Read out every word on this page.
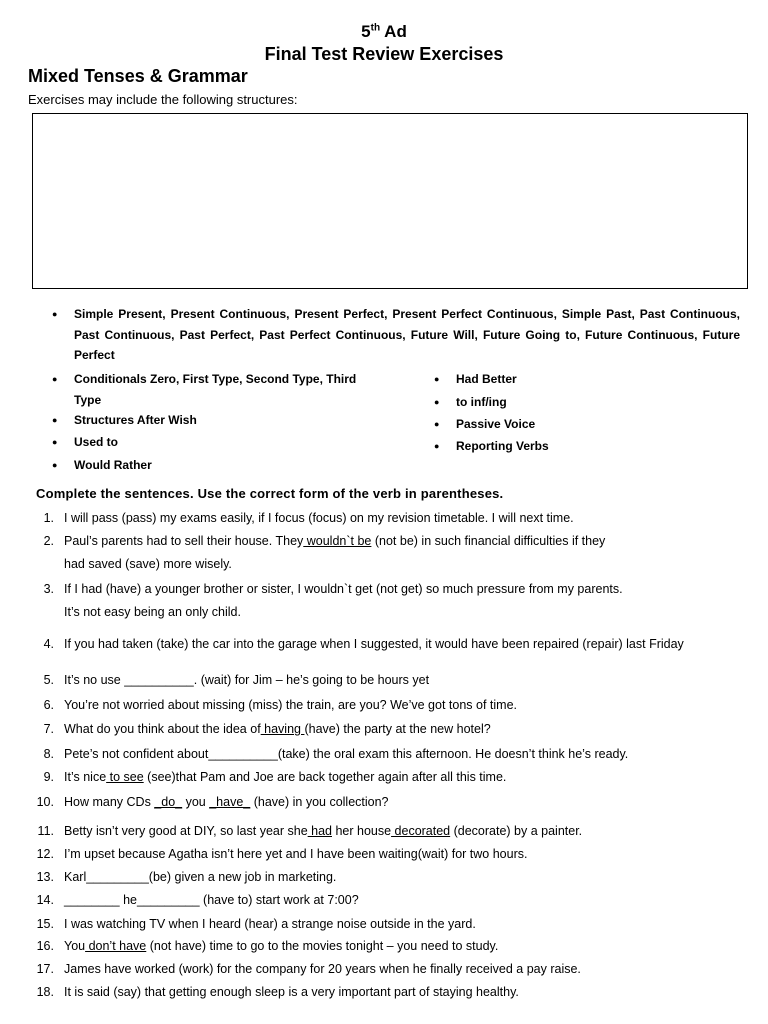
5th Ad
Final Test Review Exercises
Mixed Tenses & Grammar
Exercises may include the following structures:
● Simple Present, Present Continuous, Present Perfect, Present Perfect Continuous, Simple Past, Past Continuous, Past Continuous, Past Perfect, Past Perfect Continuous, Future Will, Future Going to, Future Continuous, Future Perfect
● Conditionals Zero, First Type, Second Type, Third Type
● Structures After Wish
● Used to
● Would Rather
● Had Better
● to inf/ing
● Passive Voice
● Reporting Verbs
Complete the sentences. Use the correct form of the verb in parentheses.
1. I will pass (pass) my exams easily, if I focus (focus) on my revision timetable. I will next time.
2. Paul’s parents had to sell their house. They wouldn`t be (not be) in such financial difficulties if they
had saved (save) more wisely.
3. If I had (have) a younger brother or sister, I wouldn`t get (not get) so much pressure from my parents.
It’s not easy being an only child.
4. If you had taken (take) the car into the garage when I suggested, it would have been repaired (repair) last Friday
5. It’s no use __________. (wait) for Jim – he’s going to be hours yet
6. You’re not worried about missing (miss) the train, are you? We’ve got tons of time.
7. What do you think about the idea of having (have) the party at the new hotel?
8. Pete’s not confident about__________(take) the oral exam this afternoon. He doesn’t think he’s ready.
9. It’s nice to see (see)that Pam and Joe are back together again after all this time.
10. How many CDs _do_ you _have_ (have) in you collection?
11. Betty isn’t very good at DIY, so last year she had her house decorated (decorate) by a painter.
12. I’m upset because Agatha isn’t here yet and I have been waiting(wait) for two hours.
13. Karl_________(be) given a new job in marketing.
14. ________ he_________ (have to) start work at 7:00?
15. I was watching TV when I heard (hear) a strange noise outside in the yard.
16. You don’t have (not have) time to go to the movies tonight – you need to study.
17. James have worked (work) for the company for 20 years when he finally received a pay raise.
18. It is said (say) that getting enough sleep is a very important part of staying healthy.
